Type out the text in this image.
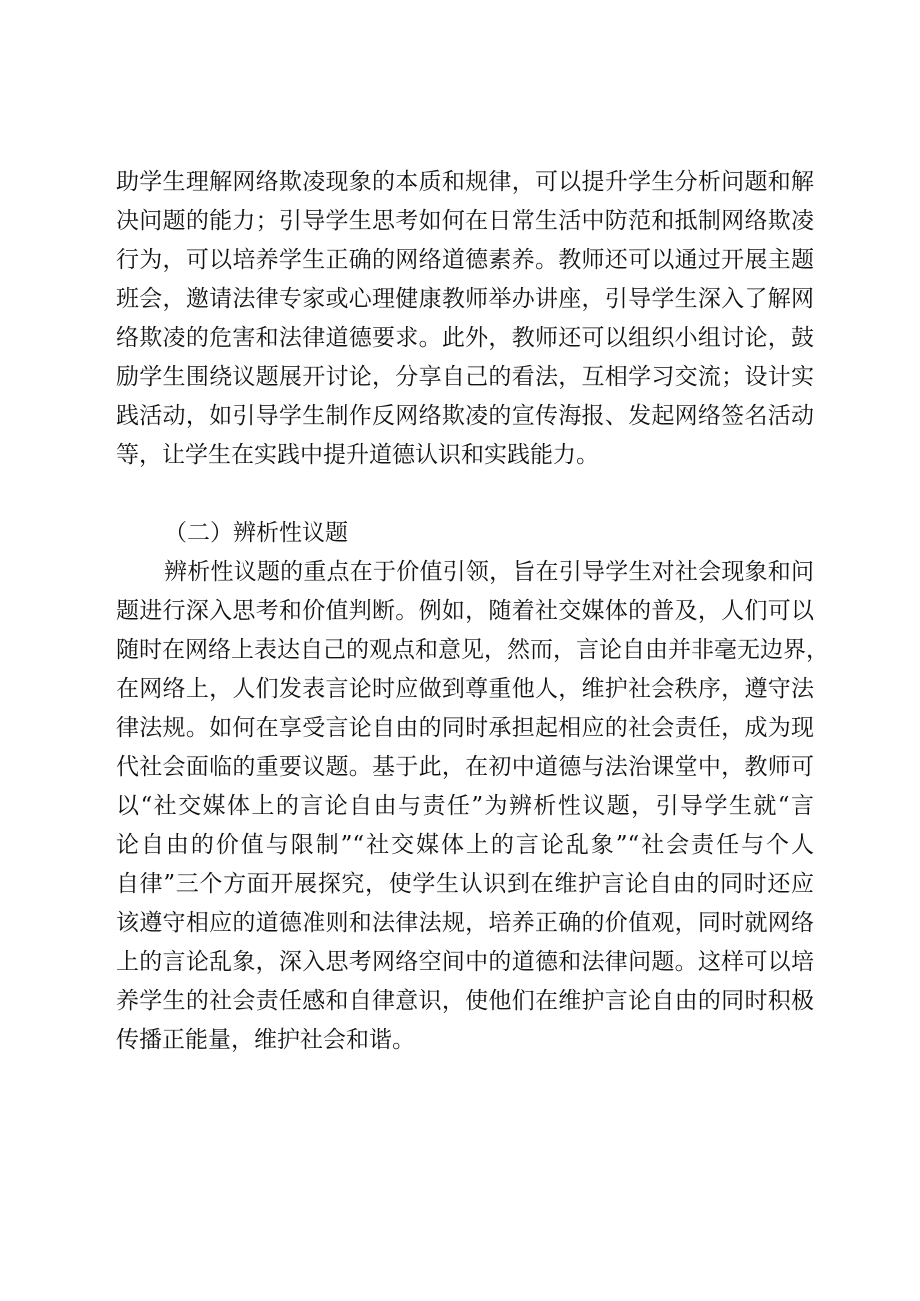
助学生理解网络欺凌现象的本质和规律，可以提升学生分析问题和解
决问题的能力；引导学生思考如何在日常生活中防范和抵制网络欺凌
行为，可以培养学生正确的网络道德素养。教师还可以通过开展主题
班会，邀请法律专家或心理健康教师举办讲座，引导学生深入了解网
络欺凌的危害和法律道德要求。此外，教师还可以组织小组讨论，鼓
励学生围绕议题展开讨论，分享自己的看法，互相学习交流；设计实
践活动，如引导学生制作反网络欺凌的宣传海报、发起网络签名活动
等，让学生在实践中提升道德认识和实践能力。
（二）辨析性议题
辨析性议题的重点在于价值引领，旨在引导学生对社会现象和问
题进行深入思考和价值判断。例如，随着社交媒体的普及，人们可以
随时在网络上表达自己的观点和意见，然而，言论自由并非毫无边界，
在网络上，人们发表言论时应做到尊重他人，维护社会秩序，遵守法
律法规。如何在享受言论自由的同时承担起相应的社会责任，成为现
代社会面临的重要议题。基于此，在初中道德与法治课堂中，教师可
以“社交媒体上的言论自由与责任”为辨析性议题，引导学生就“言
论自由的价值与限制”“社交媒体上的言论乱象”“社会责任与个人
自律”三个方面开展探究，使学生认识到在维护言论自由的同时还应
该遵守相应的道德准则和法律法规，培养正确的价值观，同时就网络
上的言论乱象，深入思考网络空间中的道德和法律问题。这样可以培
养学生的社会责任感和自律意识，使他们在维护言论自由的同时积极
传播正能量，维护社会和谐。
